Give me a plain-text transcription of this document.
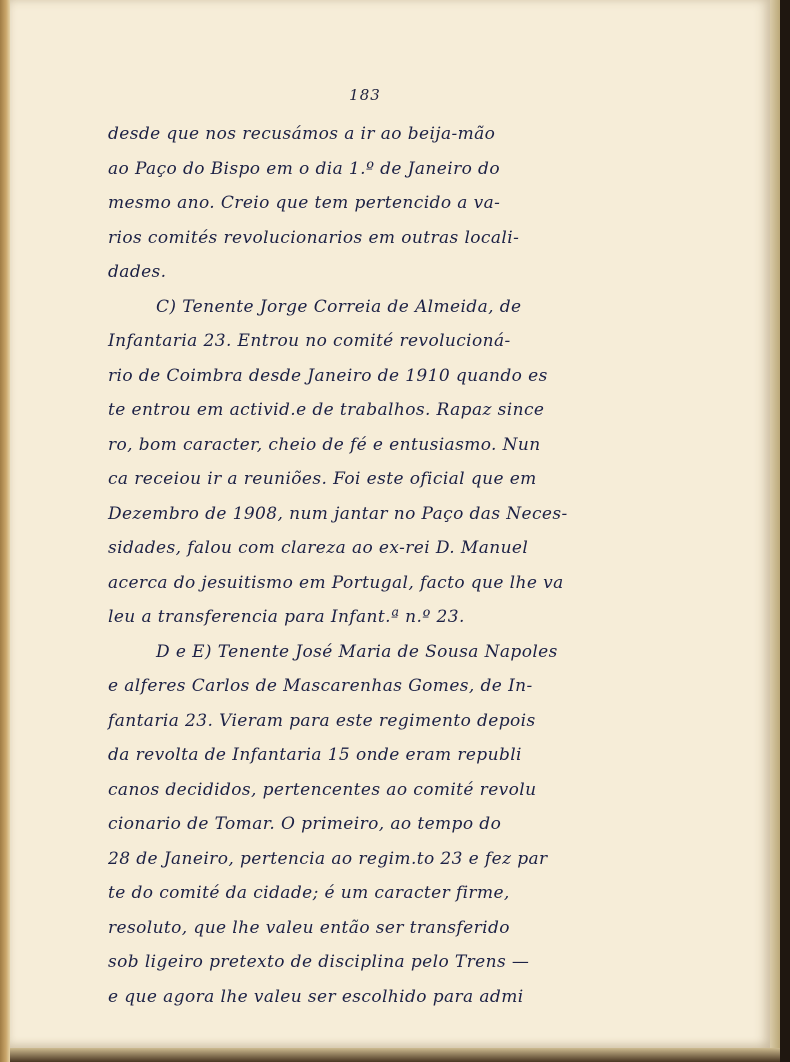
183
desde que nos recusámos a ir ao beija-mão
ao Paço do Bispo em o dia 1.º de Janeiro do
mesmo ano. Creio que tem pertencido a va-
rios comités revolucionarios em outras locali-
dades.
C) Tenente Jorge Correia de Almeida, de
Infantaria 23. Entrou no comité revolucioná-
rio de Coimbra desde Janeiro de 1910 quando es
te entrou em activid.e de trabalhos. Rapaz since
ro, bom caracter, cheio de fé e entusiasmo. Nun
ca receiou ir a reuniões. Foi este oficial que em
Dezembro de 1908, num jantar no Paço das Neces-
sidades, falou com clareza ao ex-rei D. Manuel
acerca do jesuitismo em Portugal, facto que lhe va
leu a transferencia para Infant.ª n.º 23.
D e E) Tenente José Maria de Sousa Napoles
e alferes Carlos de Mascarenhas Gomes, de In-
fantaria 23. Vieram para este regimento depois
da revolta de Infantaria 15 onde eram republi
canos decididos, pertencentes ao comité revolu
cionario de Tomar. O primeiro, ao tempo do
28 de Janeiro, pertencia ao regim.to 23 e fez par
te do comité da cidade; é um caracter firme,
resoluto, que lhe valeu então ser transferido
sob ligeiro pretexto de disciplina pelo Trens —
e que agora lhe valeu ser escolhido para admi
